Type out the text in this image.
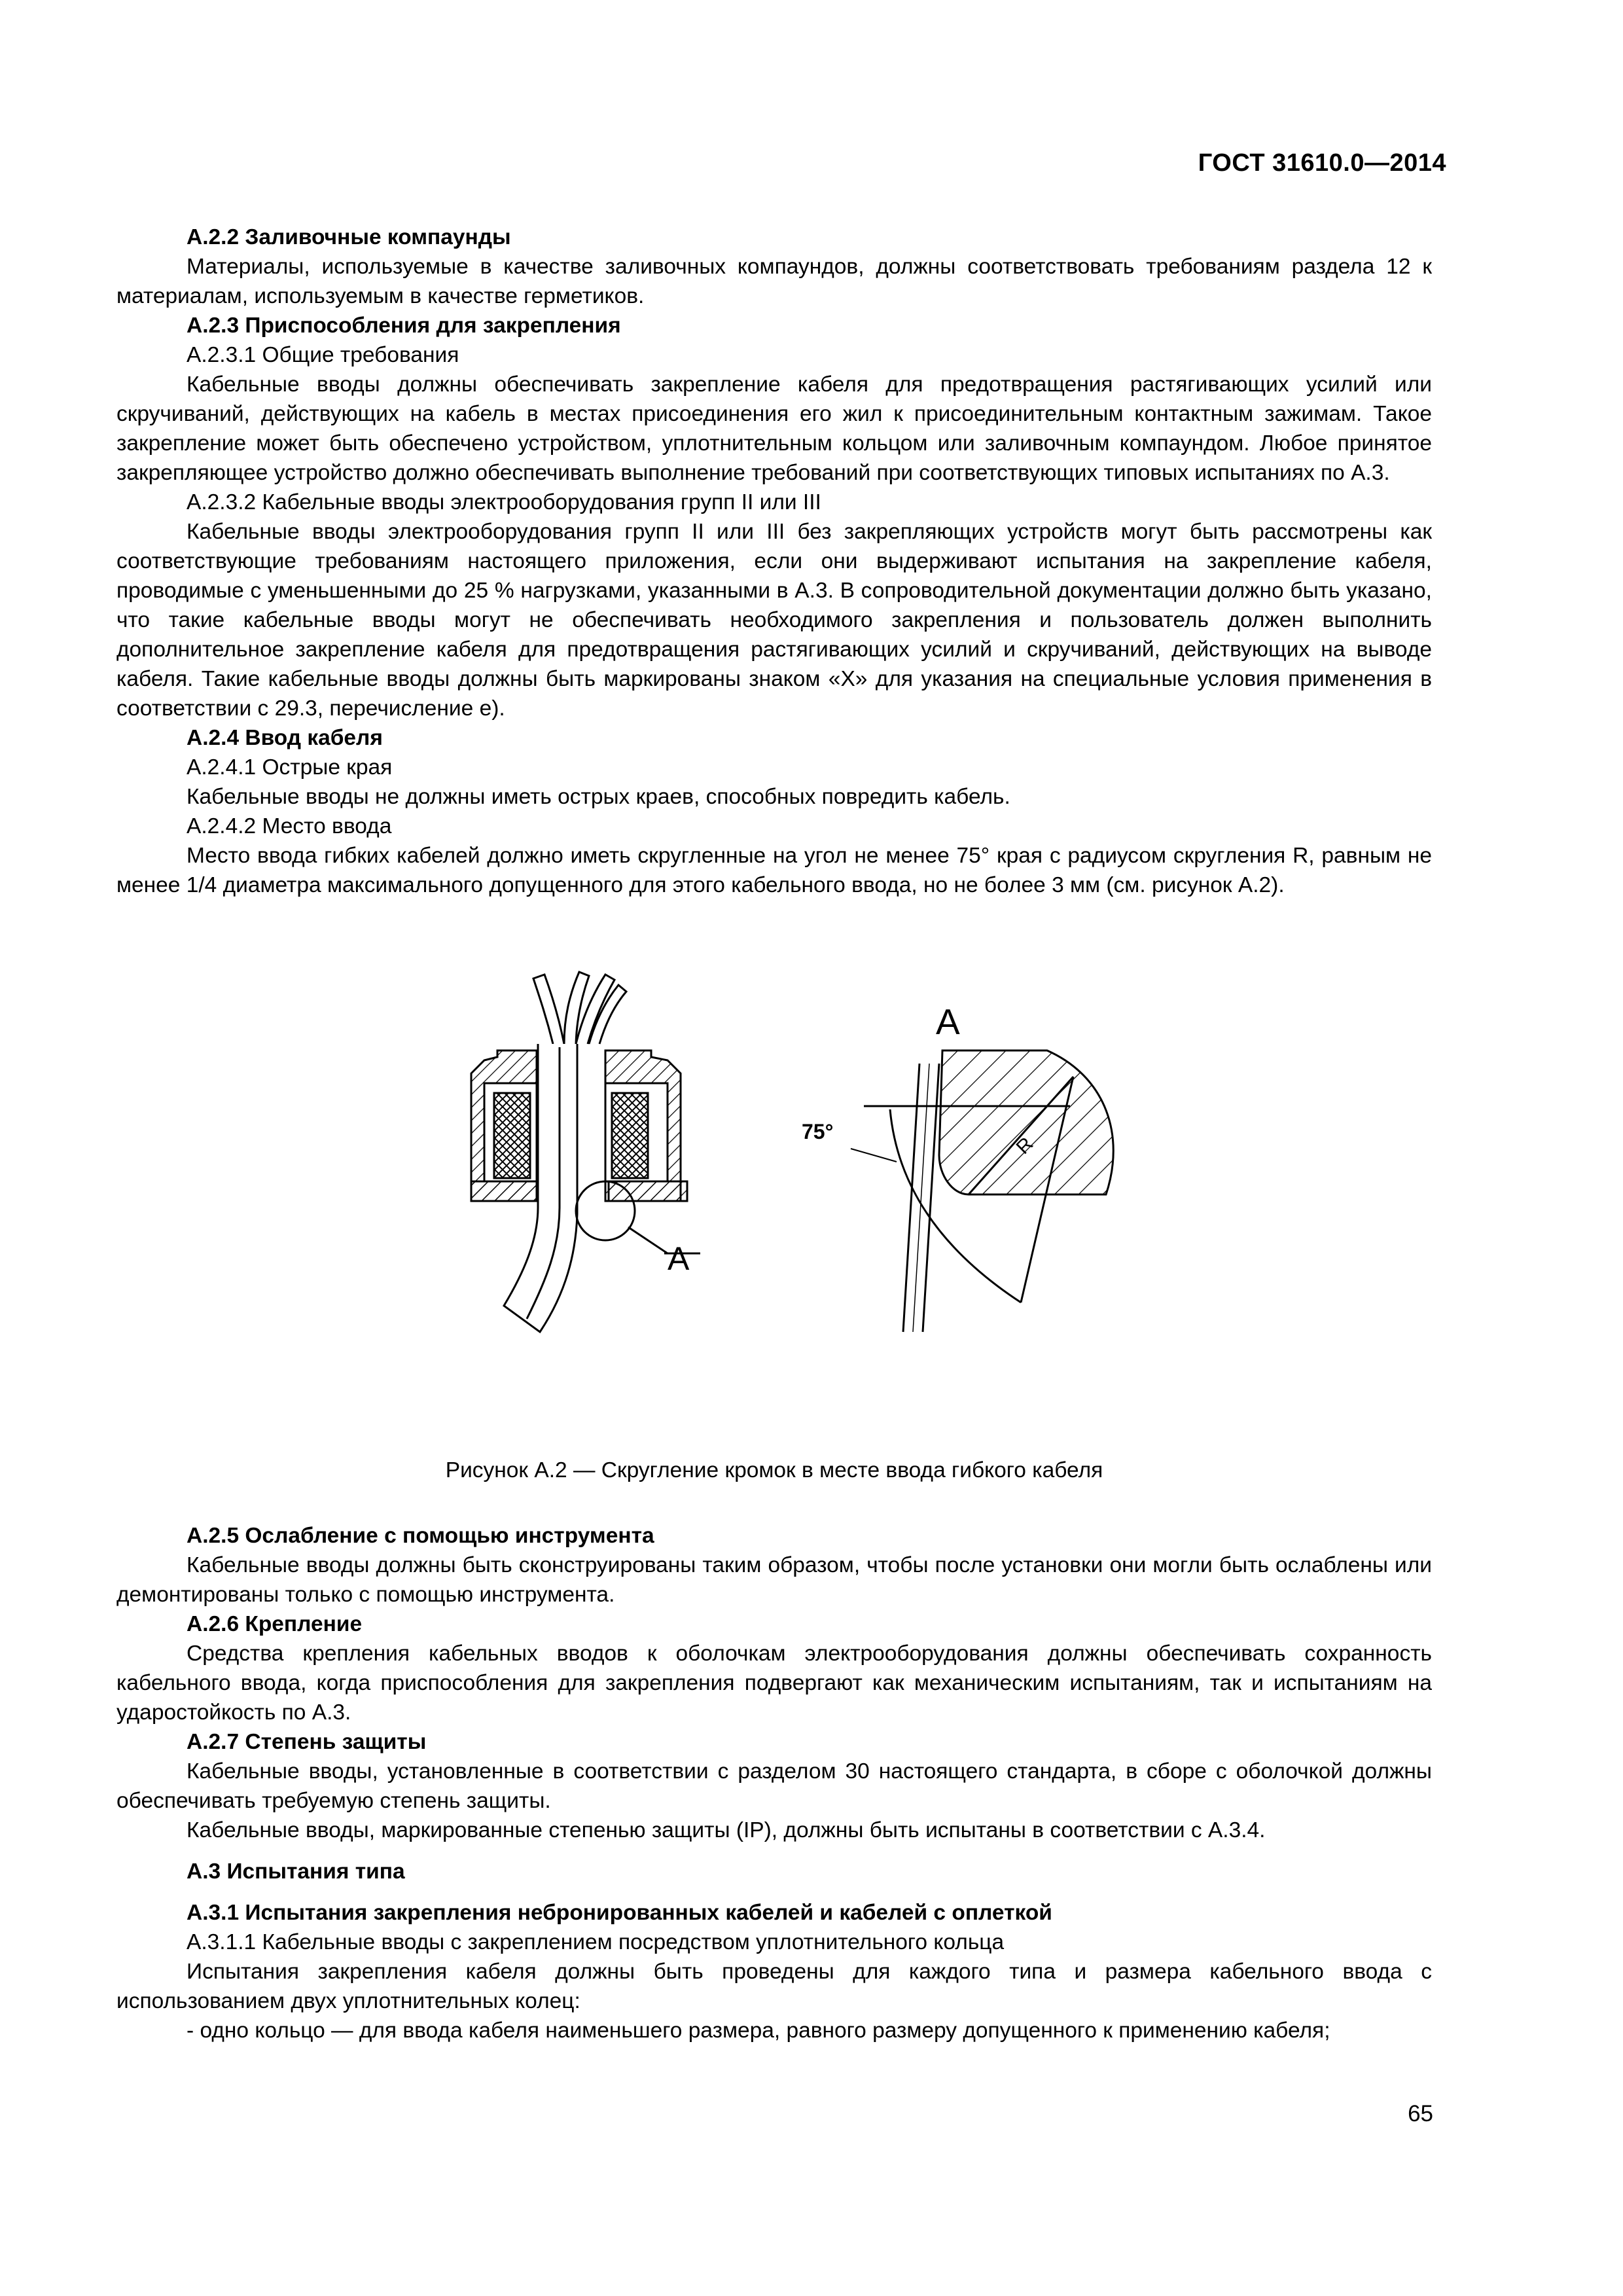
ГОСТ 31610.0—2014

А.2.2 Заливочные компаунды

Материалы, используемые в качестве заливочных компаундов, должны соответствовать требованиям раздела 12 к материалам, используемым в качестве герметиков.

А.2.3 Приспособления для закрепления

А.2.3.1 Общие требования

Кабельные вводы должны обеспечивать закрепление кабеля для предотвращения растягивающих усилий или скручиваний, действующих на кабель в местах присоединения его жил к присоединительным контактным зажимам. Такое закрепление может быть обеспечено устройством, уплотнительным кольцом или заливочным компаундом. Любое принятое закрепляющее устройство должно обеспечивать выполнение требований при соответствующих типовых испытаниях по А.3.

А.2.3.2 Кабельные вводы электрооборудования групп II или III

Кабельные вводы электрооборудования групп II или III без закрепляющих устройств могут быть рассмотрены как соответствующие требованиям настоящего приложения, если они выдерживают испытания на закрепление кабеля, проводимые с уменьшенными до 25 % нагрузками, указанными в А.3. В сопроводительной документации должно быть указано, что такие кабельные вводы могут не обеспечивать необходимого закрепления и пользователь должен выполнить дополнительное закрепление кабеля для предотвращения растягивающих усилий и скручиваний, действующих на выводе кабеля. Такие кабельные вводы должны быть маркированы знаком «X» для указания на специальные условия применения в соответствии с 29.3, перечисление е).

А.2.4 Ввод кабеля

А.2.4.1 Острые края

Кабельные вводы не должны иметь острых краев, способных повредить кабель.

А.2.4.2 Место ввода

Место ввода гибких кабелей должно иметь скругленные на угол не менее 75° края с радиусом скругления R, равным не менее 1/4 диаметра максимального допущенного для этого кабельного ввода, но не более 3 мм (см. рисунок А.2).

А
А
R
75°

Рисунок А.2 — Скругление кромок в месте ввода гибкого кабеля

А.2.5 Ослабление с помощью инструмента

Кабельные вводы должны быть сконструированы таким образом, чтобы после установки они могли быть ослаблены или демонтированы только с помощью инструмента.

А.2.6 Крепление

Средства крепления кабельных вводов к оболочкам электрооборудования должны обеспечивать сохранность кабельного ввода, когда приспособления для закрепления подвергают как механическим испытаниям, так и испытаниям на ударостойкость по А.3.

А.2.7 Степень защиты

Кабельные вводы, установленные в соответствии с разделом 30 настоящего стандарта, в сборе с оболочкой должны обеспечивать требуемую степень защиты.

Кабельные вводы, маркированные степенью защиты (IP), должны быть испытаны в соответствии с А.3.4.

А.3 Испытания типа

А.3.1 Испытания закрепления небронированных кабелей и кабелей с оплеткой

А.3.1.1 Кабельные вводы с закреплением посредством уплотнительного кольца

Испытания закрепления кабеля должны быть проведены для каждого типа и размера кабельного ввода с использованием двух уплотнительных колец:

- одно кольцо — для ввода кабеля наименьшего размера, равного размеру допущенного к применению кабеля;

65
